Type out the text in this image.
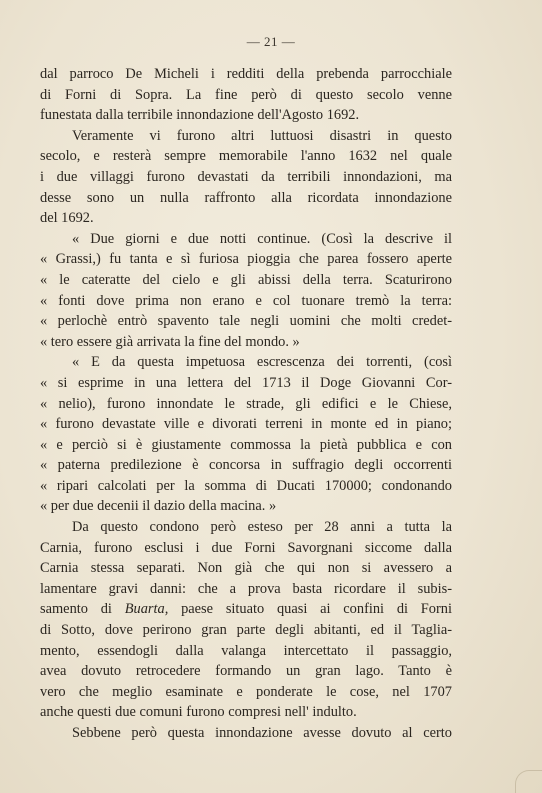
— 21 —
dal parroco De Micheli i redditi della prebenda parrocchiale
di Forni di Sopra. La fine però di questo secolo venne
funestata dalla terribile innondazione dell'Agosto 1692.
Veramente vi furono altri luttuosi disastri in questo
secolo, e resterà sempre memorabile l'anno 1632 nel quale
i due villaggi furono devastati da terribili innondazioni, ma
desse sono un nulla raffronto alla ricordata innondazione
del 1692.
« Due giorni e due notti continue. (Così la descrive il
« Grassi,) fu tanta e sì furiosa pioggia che parea fossero aperte
« le cateratte del cielo e gli abissi della terra. Scaturirono
« fonti dove prima non erano e col tuonare tremò la terra:
« perlochè entrò spavento tale negli uomini che molti credet-
« tero essere già arrivata la fine del mondo. »
« E da questa impetuosa escrescenza dei torrenti, (così
« si esprime in una lettera del 1713 il Doge Giovanni Cor-
« nelio), furono innondate le strade, gli edifici e le Chiese,
« furono devastate ville e divorati terreni in monte ed in piano;
« e perciò si è giustamente commossa la pietà pubblica e con
« paterna predilezione è concorsa in suffragio degli occorrenti
« ripari calcolati per la somma di Ducati 170000; condonando
« per due decenii il dazio della macina. »
Da questo condono però esteso per 28 anni a tutta la
Carnia, furono esclusi i due Forni Savorgnani siccome dalla
Carnia stessa separati. Non già che qui non si avessero a
lamentare gravi danni: che a prova basta ricordare il subis-
samento di Buarta, paese situato quasi ai confini di Forni
di Sotto, dove perirono gran parte degli abitanti, ed il Taglia-
mento, essendogli dalla valanga intercettato il passaggio,
avea dovuto retrocedere formando un gran lago. Tanto è
vero che meglio esaminate e ponderate le cose, nel 1707
anche questi due comuni furono compresi nell' indulto.
Sebbene però questa innondazione avesse dovuto al certo
